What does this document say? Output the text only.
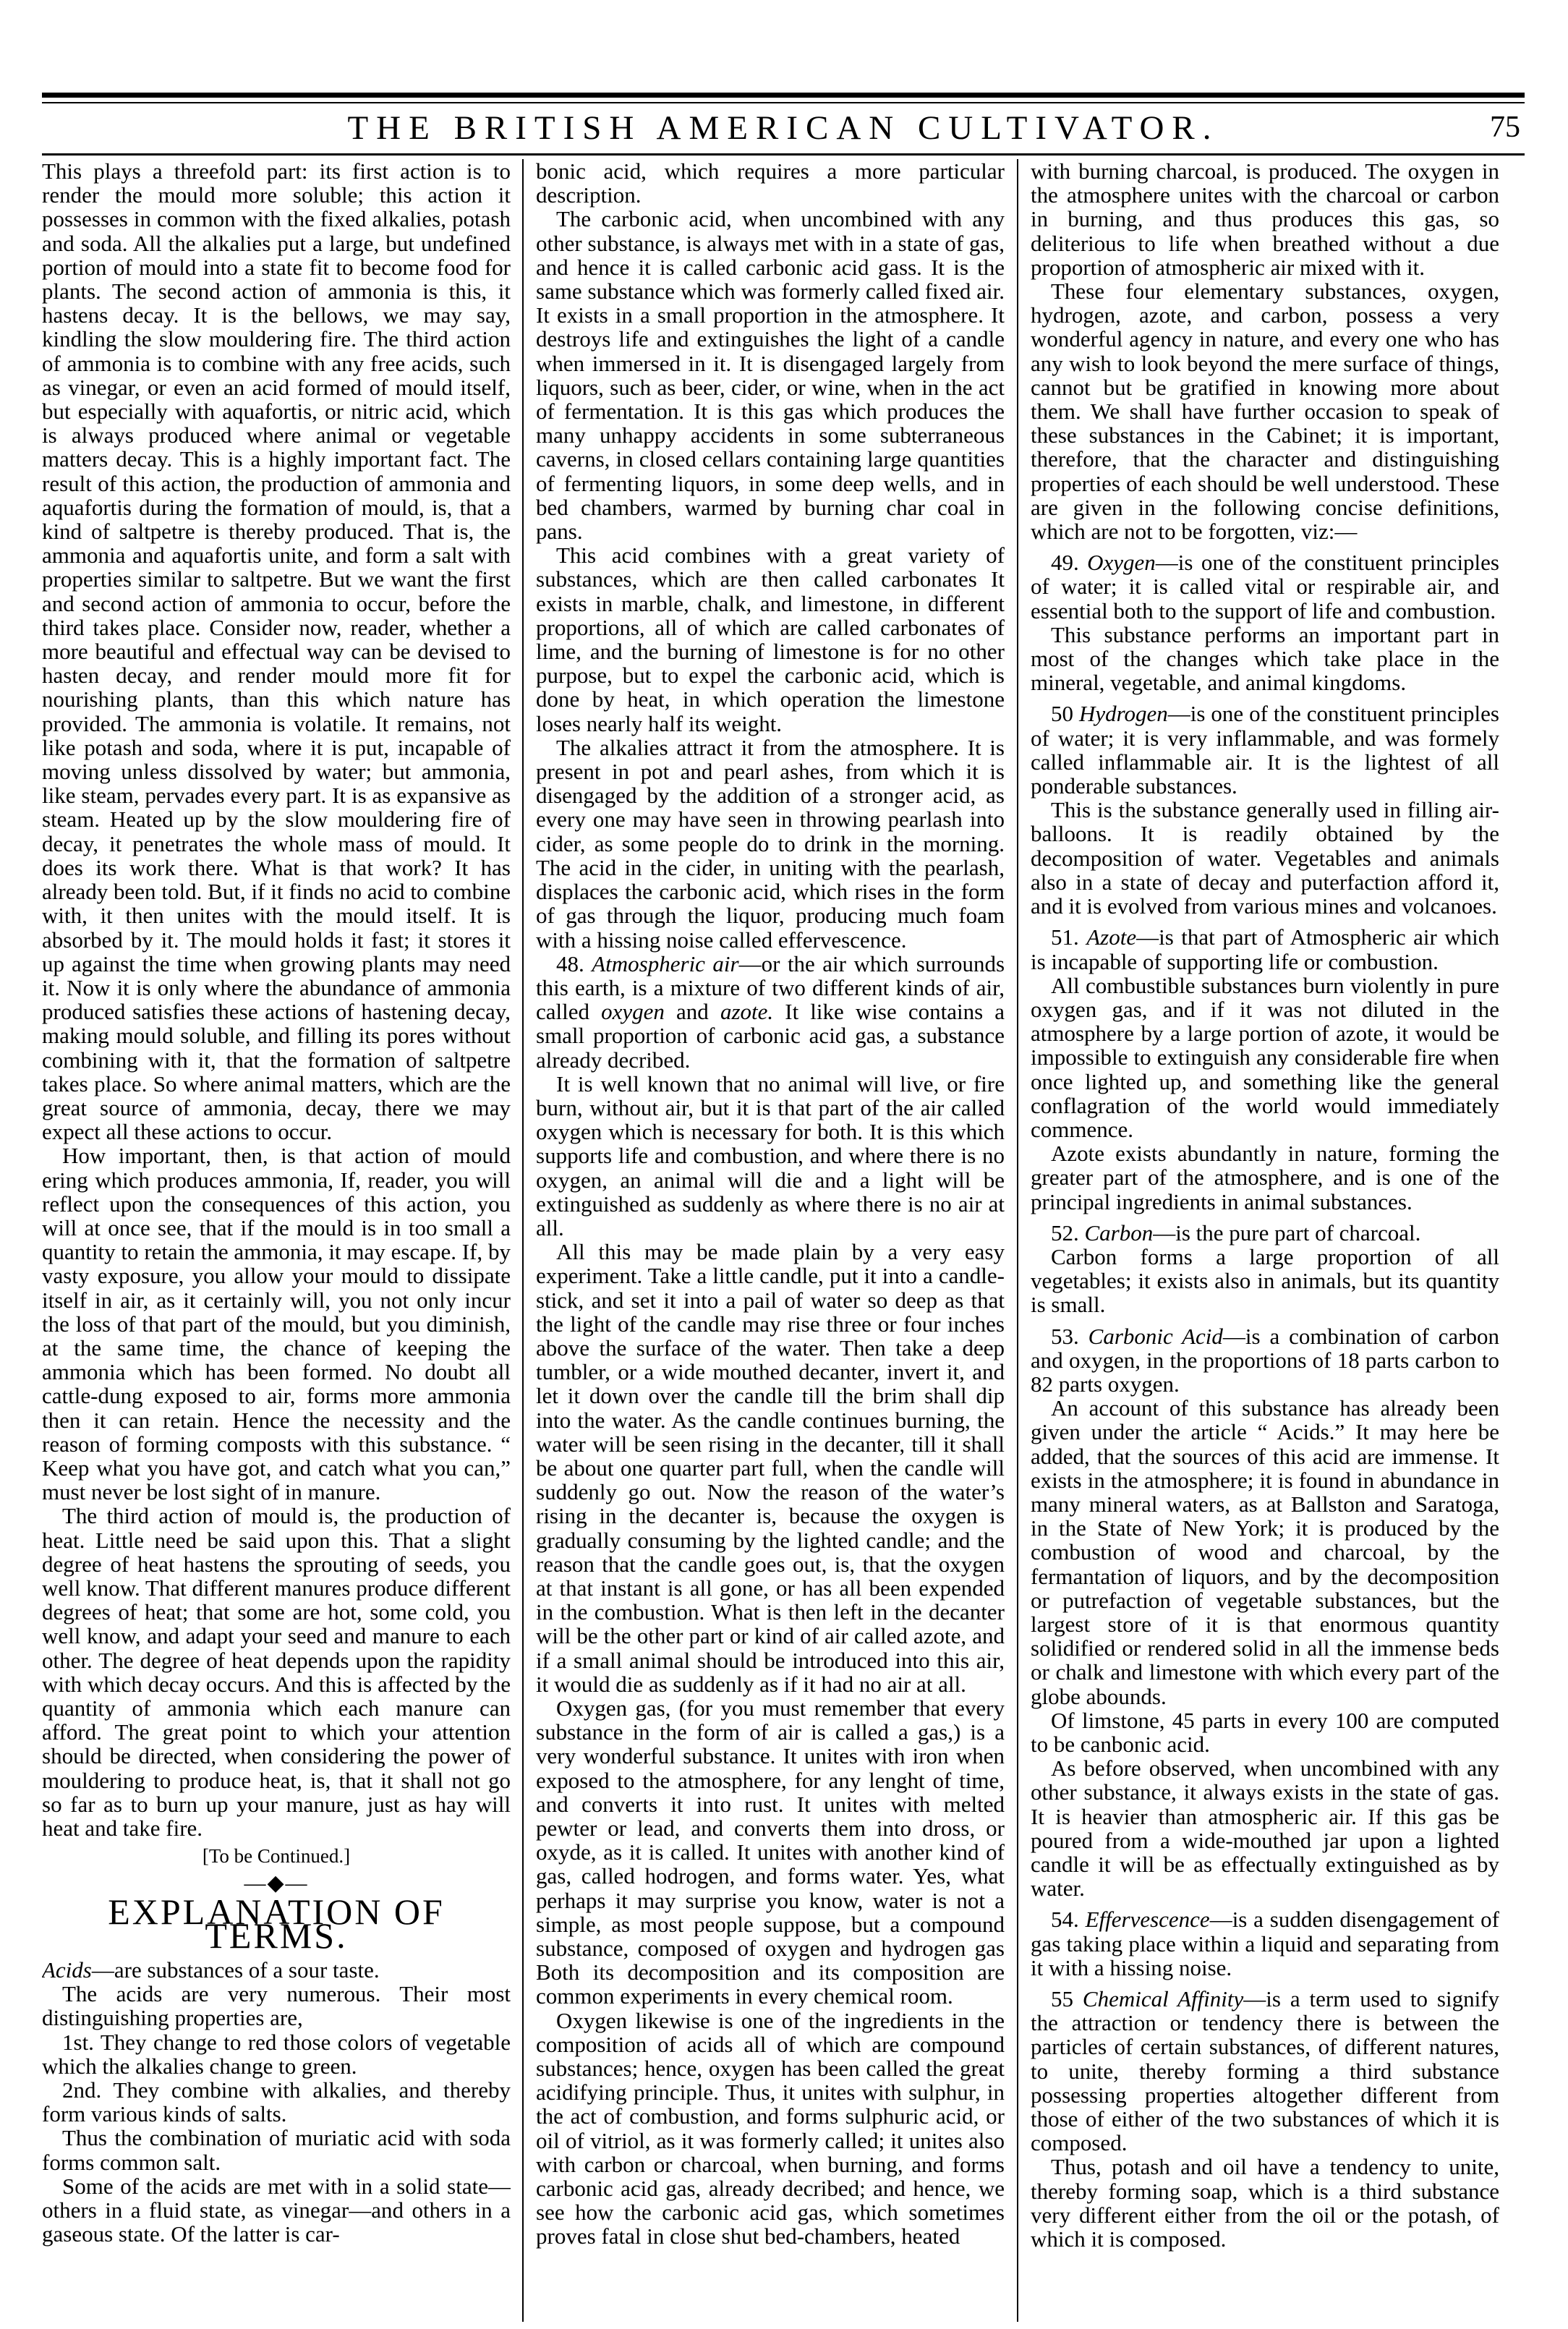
THE BRITISH AMERICAN CULTIVATOR.	75

This plays a threefold part: its first action is to render the mould more soluble; this action it possesses in common with the fixed alkalies, potash and soda. All the alkalies put a large, but undefined portion of mould into a state fit to become food for plants. The second action of ammonia is this, it hastens decay. It is the bellows, we may say, kindling the slow mouldering fire. The third action of ammonia is to combine with any free acids, such as vinegar, or even an acid formed of mould itself, but especially with aquafortis, or nitric acid, which is always produced where animal or vegetable matters decay. This is a highly important fact. The result of this action, the production of ammonia and aquafortis during the formation of mould, is, that a kind of saltpetre is thereby produced. That is, the ammonia and aquafortis unite, and form a salt with properties similar to saltpetre. But we want the first and second action of ammonia to occur, before the third takes place. Consider now, reader, whether a more beautiful and effectual way can be devised to hasten decay, and render mould more fit for nourishing plants, than this which nature has provided. The ammonia is volatile. It remains, not like potash and soda, where it is put, incapable of moving unless dissolved by water; but ammonia, like steam, pervades every part. It is as expansive as steam. Heated up by the slow mouldering fire of decay, it penetrates the whole mass of mould. It does its work there. What is that work? It has already been told. But, if it finds no acid to combine with, it then unites with the mould itself. It is absorbed by it. The mould holds it fast; it stores it up against the time when growing plants may need it. Now it is only where the abundance of ammonia produced satisfies these actions of hastening decay, making mould soluble, and filling its pores without combining with it, that the formation of saltpetre takes place. So where animal matters, which are the great source of ammonia, decay, there we may expect all these actions to occur.

How important, then, is that action of mould ering which produces ammonia, If, reader, you will reflect upon the consequences of this action, you will at once see, that if the mould is in too small a quantity to retain the ammonia, it may escape. If, by vasty exposure, you allow your mould to dissipate itself in air, as it certainly will, you not only incur the loss of that part of the mould, but you diminish, at the same time, the chance of keeping the ammonia which has been formed. No doubt all cattle-dung exposed to air, forms more ammonia then it can retain. Hence the necessity and the reason of forming composts with this substance. “ Keep what you have got, and catch what you can,” must never be lost sight of in manure.

The third action of mould is, the production of heat. Little need be said upon this. That a slight degree of heat hastens the sprouting of seeds, you well know. That different manures produce different degrees of heat; that some are hot, some cold, you well know, and adapt your seed and manure to each other. The degree of heat depends upon the rapidity with which decay occurs. And this is affected by the quantity of ammonia which each manure can afford. The great point to which your attention should be directed, when considering the power of mouldering to produce heat, is, that it shall not go so far as to burn up your manure, just as hay will heat and take fire.

[To be Continued.]
—◆—
EXPLANATION OF TERMS.

Acids—are substances of a sour taste.

The acids are very numerous. Their most distinguishing properties are,

1st. They change to red those colors of vegetable which the alkalies change to green.

2nd. They combine with alkalies, and thereby form various kinds of salts.

Thus the combination of muriatic acid with soda forms common salt.

Some of the acids are met with in a solid state—others in a fluid state, as vinegar—and others in a gaseous state. Of the latter is car-

bonic acid, which requires a more particular description.

The carbonic acid, when uncombined with any other substance, is always met with in a state of gas, and hence it is called carbonic acid gass. It is the same substance which was formerly called fixed air. It exists in a small proportion in the atmosphere. It destroys life and extinguishes the light of a candle when immersed in it. It is disengaged largely from liquors, such as beer, cider, or wine, when in the act of fermentation. It is this gas which produces the many unhappy accidents in some subterraneous caverns, in closed cellars containing large quantities of fermenting liquors, in some deep wells, and in bed chambers, warmed by burning char coal in pans.

This acid combines with a great variety of substances, which are then called carbonates It exists in marble, chalk, and limestone, in different proportions, all of which are called carbonates of lime, and the burning of limestone is for no other purpose, but to expel the carbonic acid, which is done by heat, in which operation the limestone loses nearly half its weight.

The alkalies attract it from the atmosphere. It is present in pot and pearl ashes, from which it is disengaged by the addition of a stronger acid, as every one may have seen in throwing pearlash into cider, as some people do to drink in the morning. The acid in the cider, in uniting with the pearlash, displaces the carbonic acid, which rises in the form of gas through the liquor, producing much foam with a hissing noise called effervescence.

48. Atmospheric air—or the air which surrounds this earth, is a mixture of two different kinds of air, called oxygen and azote. It like wise contains a small proportion of carbonic acid gas, a substance already decribed.

It is well known that no animal will live, or fire burn, without air, but it is that part of the air called oxygen which is necessary for both. It is this which supports life and combustion, and where there is no oxygen, an animal will die and a light will be extinguished as suddenly as where there is no air at all.

All this may be made plain by a very easy experiment. Take a little candle, put it into a candle-stick, and set it into a pail of water so deep as that the light of the candle may rise three or four inches above the surface of the water. Then take a deep tumbler, or a wide mouthed decanter, invert it, and let it down over the candle till the brim shall dip into the water. As the candle continues burning, the water will be seen rising in the decanter, till it shall be about one quarter part full, when the candle will suddenly go out. Now the reason of the water’s rising in the decanter is, because the oxygen is gradually consuming by the lighted candle; and the reason that the candle goes out, is, that the oxygen at that instant is all gone, or has all been expended in the combustion. What is then left in the decanter will be the other part or kind of air called azote, and if a small animal should be introduced into this air, it would die as suddenly as if it had no air at all.

Oxygen gas, (for you must remember that every substance in the form of air is called a gas,) is a very wonderful substance. It unites with iron when exposed to the atmosphere, for any lenght of time, and converts it into rust. It unites with melted pewter or lead, and converts them into dross, or oxyde, as it is called. It unites with another kind of gas, called hodrogen, and forms water. Yes, what perhaps it may surprise you know, water is not a simple, as most people suppose, but a compound substance, composed of oxygen and hydrogen gas Both its decomposition and its composition are common experiments in every chemical room.

Oxygen likewise is one of the ingredients in the composition of acids all of which are compound substances; hence, oxygen has been called the great acidifying principle. Thus, it unites with sulphur, in the act of combustion, and forms sulphuric acid, or oil of vitriol, as it was formerly called; it unites also with carbon or charcoal, when burning, and forms carbonic acid gas, already decribed; and hence, we see how the carbonic acid gas, which sometimes proves fatal in close shut bed-chambers, heated

with burning charcoal, is produced. The oxygen in the atmosphere unites with the charcoal or carbon in burning, and thus produces this gas, so deliterious to life when breathed without a due proportion of atmospheric air mixed with it.

These four elementary substances, oxygen, hydrogen, azote, and carbon, possess a very wonderful agency in nature, and every one who has any wish to look beyond the mere surface of things, cannot but be gratified in knowing more about them. We shall have further occasion to speak of these substances in the Cabinet; it is important, therefore, that the character and distinguishing properties of each should be well understood. These are given in the following concise definitions, which are not to be forgotten, viz:—

49. Oxygen—is one of the constituent principles of water; it is called vital or respirable air, and essential both to the support of life and combustion.

This substance performs an important part in most of the changes which take place in the mineral, vegetable, and animal kingdoms.

50 Hydrogen—is one of the constituent principles of water; it is very inflammable, and was formely called inflammable air. It is the lightest of all ponderable substances.

This is the substance generally used in filling air-balloons. It is readily obtained by the decomposition of water. Vegetables and animals also in a state of decay and puterfaction afford it, and it is evolved from various mines and volcanoes.

51. Azote—is that part of Atmospheric air which is incapable of supporting life or combustion.

All combustible substances burn violently in pure oxygen gas, and if it was not diluted in the atmosphere by a large portion of azote, it would be impossible to extinguish any considerable fire when once lighted up, and something like the general conflagration of the world would immediately commence.

Azote exists abundantly in nature, forming the greater part of the atmosphere, and is one of the principal ingredients in animal substances.

52. Carbon—is the pure part of charcoal.

Carbon forms a large proportion of all vegetables; it exists also in animals, but its quantity is small.

53. Carbonic Acid—is a combination of carbon and oxygen, in the proportions of 18 parts carbon to 82 parts oxygen.

An account of this substance has already been given under the article “ Acids.” It may here be added, that the sources of this acid are immense. It exists in the atmosphere; it is found in abundance in many mineral waters, as at Ballston and Saratoga, in the State of New York; it is produced by the combustion of wood and charcoal, by the fermantation of liquors, and by the decomposition or putrefaction of vegetable substances, but the largest store of it is that enormous quantity solidified or rendered solid in all the immense beds or chalk and limestone with which every part of the globe abounds.

Of limstone, 45 parts in every 100 are computed to be canbonic acid.

As before observed, when uncombined with any other substance, it always exists in the state of gas. It is heavier than atmospheric air. If this gas be poured from a wide-mouthed jar upon a lighted candle it will be as effectually extinguished as by water.

54. Effervescence—is a sudden disengagement of gas taking place within a liquid and separating from it with a hissing noise.

55 Chemical Affinity—is a term used to signify the attraction or tendency there is between the particles of certain substances, of different natures, to unite, thereby forming a third substance possessing properties altogether different from those of either of the two substances of which it is composed.

Thus, potash and oil have a tendency to unite, thereby forming soap, which is a third substance very different either from the oil or the potash, of which it is composed.
